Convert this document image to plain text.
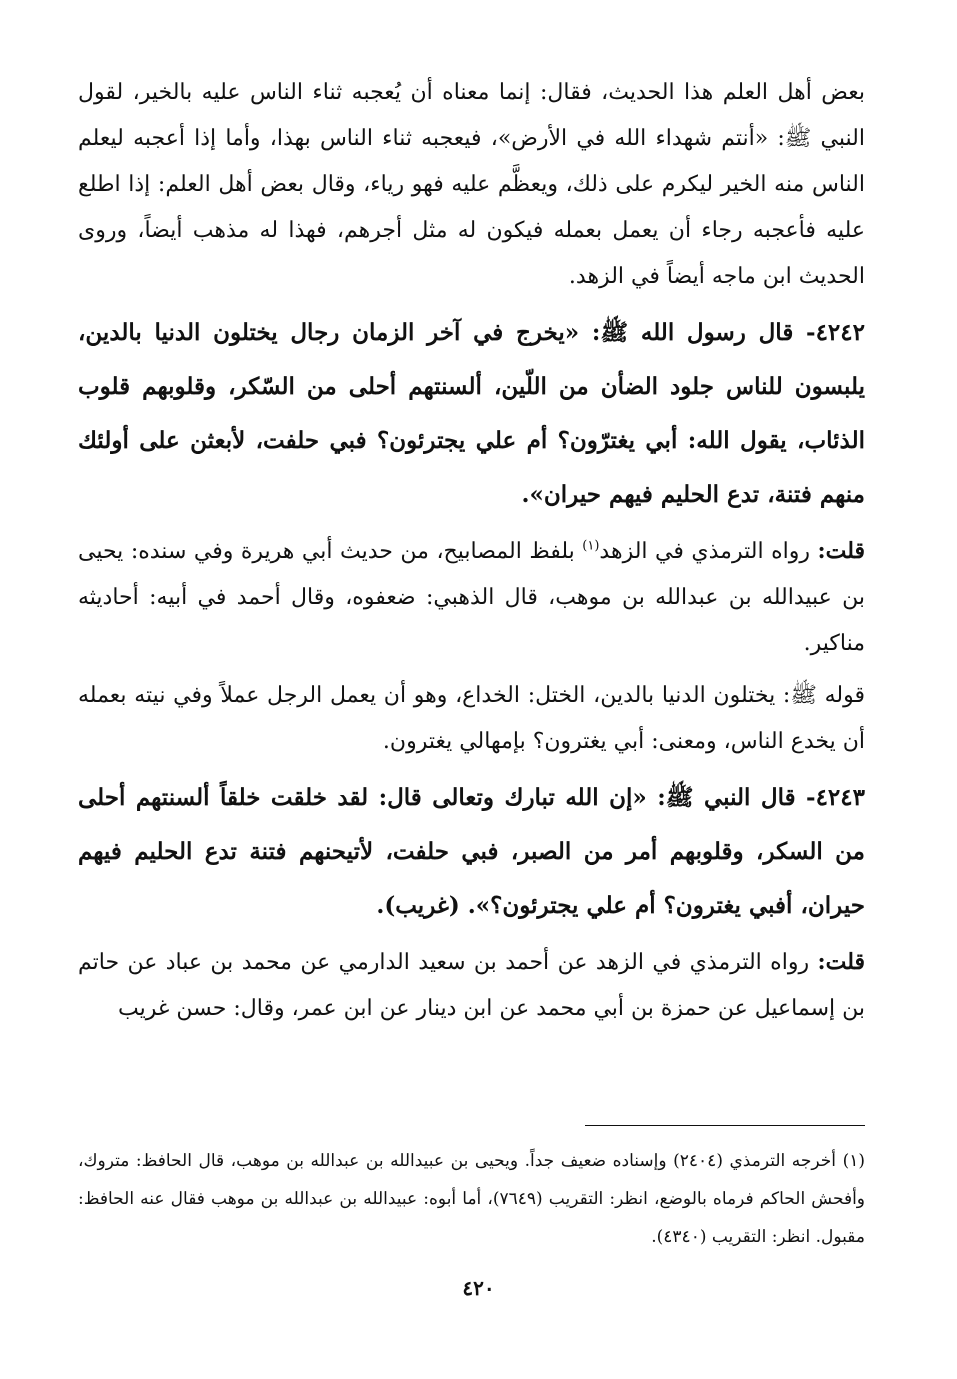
بعض أهل العلم هذا الحديث، فقال: إنما معناه أن يُعجبه ثناء الناس عليه بالخير، لقول النبي ﷺ: «أنتم شهداء الله في الأرض»، فيعجبه ثناء الناس بهذا، وأما إذا أعجبه ليعلم الناس منه الخير ليكرم على ذلك، ويعظَّم عليه فهو رياء، وقال بعض أهل العلم: إذا اطلع عليه فأعجبه رجاء أن يعمل بعمله فيكون له مثل أجرهم، فهذا له مذهب أيضاً، وروى الحديث ابن ماجه أيضاً في الزهد.

٤٢٤٢- قال رسول الله ﷺ: «يخرج في آخر الزمان رجال يختلون الدنيا بالدين، يلبسون للناس جلود الضأن من اللّين، ألسنتهم أحلى من السّكر، وقلوبهم قلوب الذئاب، يقول الله: أبي يغترّون؟ أم علي يجترئون؟ فبي حلفت، لأبعثن على أولئك منهم فتنة، تدع الحليم فيهم حيران».

قلت: رواه الترمذي في الزهد$^{(١)}$ بلفظ المصابيح، من حديث أبي هريرة وفي سنده: يحيى بن عبيدالله بن عبدالله بن موهب، قال الذهبي: ضعفوه، وقال أحمد في أبيه: أحاديثه مناكير.

قوله ﷺ: يختلون الدنيا بالدين، الختل: الخداع، وهو أن يعمل الرجل عملاً وفي نيته بعمله أن يخدع الناس، ومعنى: أبي يغترون؟ بإمهالي يغترون.

٤٢٤٣- قال النبي ﷺ: «إن الله تبارك وتعالى قال: لقد خلقت خلقاً ألسنتهم أحلى من السكر، وقلوبهم أمر من الصبر، فبي حلفت، لأتيحنهم فتنة تدع الحليم فيهم حيران، أفبي يغترون؟ أم علي يجترئون؟». (غريب).

قلت: رواه الترمذي في الزهد عن أحمد بن سعيد الدارمي عن محمد بن عباد عن حاتم بن إسماعيل عن حمزة بن أبي محمد عن ابن دينار عن ابن عمر، وقال: حسن غريب

(١) أخرجه الترمذي (٢٤٠٤) وإسناده ضعيف جداً. ويحيى بن عبيدالله بن عبدالله بن موهب، قال الحافظ: متروك، وأفحش الحاكم فرماه بالوضع، انظر: التقريب (٧٦٤٩)، أما أبوه: عبيدالله بن عبدالله بن موهب فقال عنه الحافظ: مقبول. انظر: التقريب (٤٣٤٠).
٤٢٠
